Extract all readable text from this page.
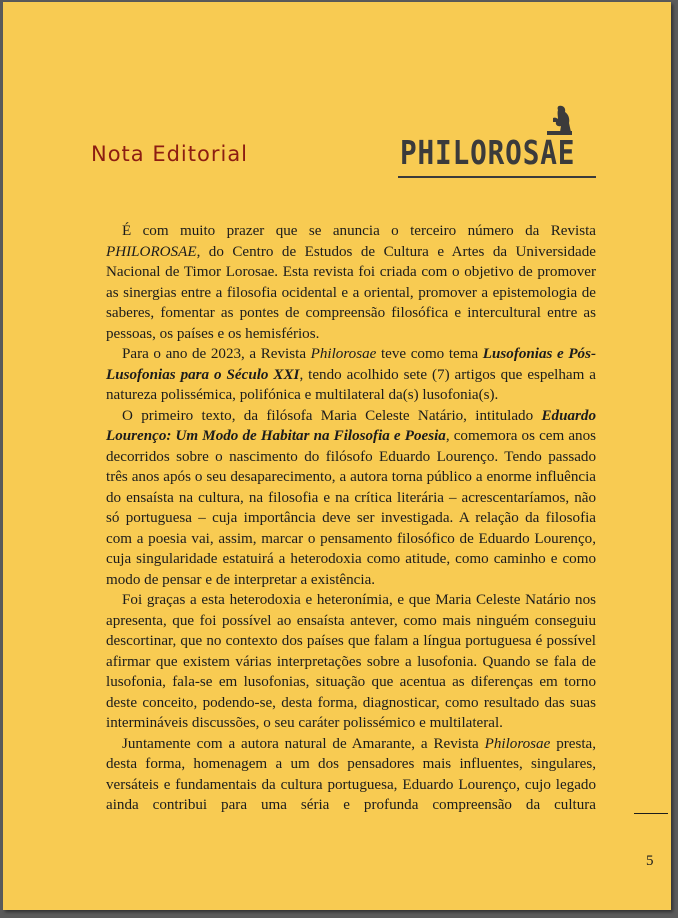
Nota Editorial	PHILOROSAE

É com muito prazer que se anuncia o terceiro número da Revista PHILOROSAE, do Centro de Estudos de Cultura e Artes da Universidade Nacional de Timor Lorosae. Esta revista foi criada com o objetivo de promover as sinergias entre a filosofia ocidental e a oriental, promover a epistemologia de saberes, fomentar as pontes de compreensão filosófica e intercultural entre as pessoas, os países e os hemisférios.

Para o ano de 2023, a Revista Philorosae teve como tema Lusofonias e Pós-Lusofonias para o Século XXI, tendo acolhido sete (7) artigos que espelham a natureza polissémica, polifónica e multilateral da(s) lusofonia(s).

O primeiro texto, da filósofa Maria Celeste Natário, intitulado Eduardo Lourenço: Um Modo de Habitar na Filosofia e Poesia, comemora os cem anos decorridos sobre o nascimento do filósofo Eduardo Lourenço. Tendo passado três anos após o seu desaparecimento, a autora torna público a enorme influência do ensaísta na cultura, na filosofia e na crítica literária – acrescentaríamos, não só portuguesa – cuja importância deve ser investigada. A relação da filosofia com a poesia vai, assim, marcar o pensamento filosófico de Eduardo Lourenço, cuja singularidade estatuirá a heterodoxia como atitude, como caminho e como modo de pensar e de interpretar a existência.

Foi graças a esta heterodoxia e heteronímia, e que Maria Celeste Natário nos apresenta, que foi possível ao ensaísta antever, como mais ninguém conseguiu descortinar, que no contexto dos países que falam a língua portuguesa é possível afirmar que existem várias interpretações sobre a lusofonia. Quando se fala de lusofonia, fala-se em lusofonias, situação que acentua as diferenças em torno deste conceito, podendo-se, desta forma, diagnosticar, como resultado das suas intermináveis discussões, o seu caráter polissémico e multilateral.

Juntamente com a autora natural de Amarante, a Revista Philorosae presta, desta forma, homenagem a um dos pensadores mais influentes, singulares, versáteis e fundamentais da cultura portuguesa, Eduardo Lourenço, cujo legado ainda contribui para uma séria e profunda compreensão da cultura

5
